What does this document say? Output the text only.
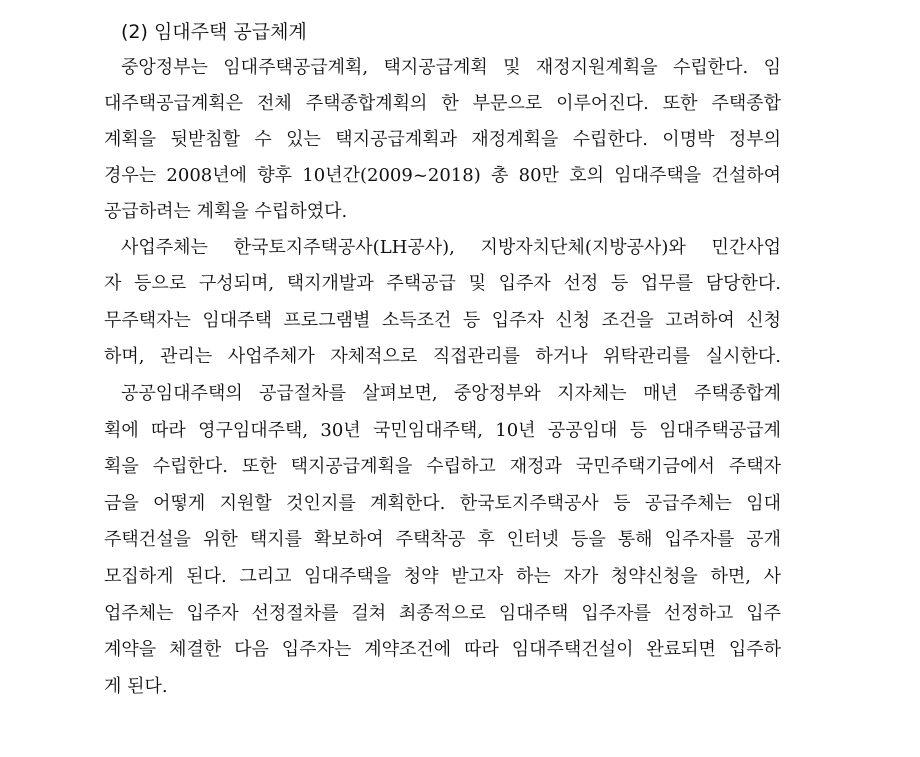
(2) 임대주택 공급체계

중앙정부는 임대주택공급계획, 택지공급계획 및 재정지원계획을 수립한다. 임

대주택공급계획은 전체 주택종합계획의 한 부문으로 이루어진다. 또한 주택종합

계획을 뒷받침할 수 있는 택지공급계획과 재정계획을 수립한다. 이명박 정부의

경우는 2008년에 향후 10년간(2009~2018) 총 80만 호의 임대주택을 건설하여

공급하려는 계획을 수립하였다.

사업주체는 한국토지주택공사(LH공사), 지방자치단체(지방공사)와 민간사업

자 등으로 구성되며, 택지개발과 주택공급 및 입주자 선정 등 업무를 담당한다.

무주택자는 임대주택 프로그램별 소득조건 등 입주자 신청 조건을 고려하여 신청

하며, 관리는 사업주체가 자체적으로 직접관리를 하거나 위탁관리를 실시한다.

공공임대주택의 공급절차를 살펴보면, 중앙정부와 지자체는 매년 주택종합계

획에 따라 영구임대주택, 30년 국민임대주택, 10년 공공임대 등 임대주택공급계

획을 수립한다. 또한 택지공급계획을 수립하고 재정과 국민주택기금에서 주택자

금을 어떻게 지원할 것인지를 계획한다. 한국토지주택공사 등 공급주체는 임대

주택건설을 위한 택지를 확보하여 주택착공 후 인터넷 등을 통해 입주자를 공개

모집하게 된다. 그리고 임대주택을 청약 받고자 하는 자가 청약신청을 하면, 사

업주체는 입주자 선정절차를 걸쳐 최종적으로 임대주택 입주자를 선정하고 입주

계약을 체결한 다음 입주자는 계약조건에 따라 임대주택건설이 완료되면 입주하

게 된다.
